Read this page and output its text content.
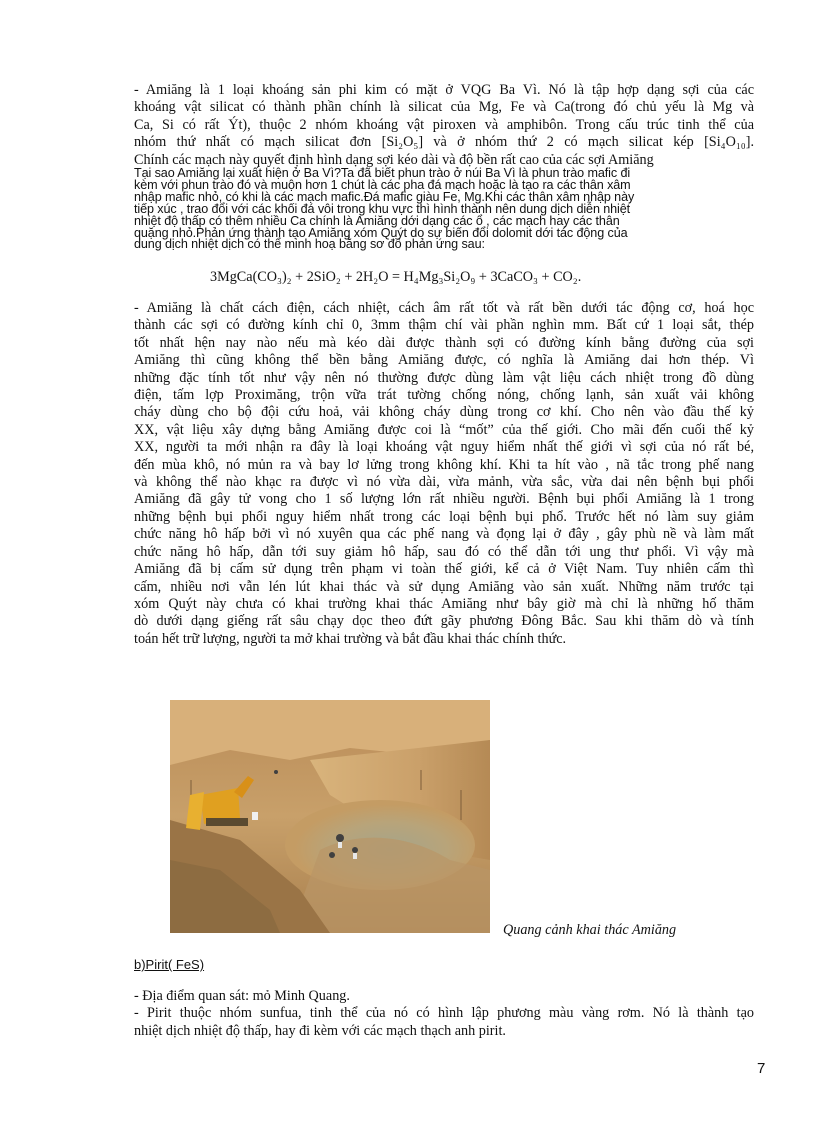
- Amiăng là 1 loại khoáng sản phi kim có mặt ở VQG Ba Vì. Nó là tập hợp dạng sợi của các
khoáng vật silicat có thành phần chính là silicat của Mg, Fe và Ca(trong đó chủ yếu là Mg và
Ca, Si có rất Ýt), thuộc 2 nhóm khoáng vật piroxen và amphibôn. Trong cấu trúc tinh thể của
nhóm thứ nhất có mạch silicat đơn [Si₂O₅] và ở nhóm thứ 2 có mạch silicat kép [Si₄O₁₀].
Chính các mạch này quyết định hình dạng sợi kéo dài và độ bền rất cao của các sợi Amiăng
Tại sao Amiăng lại xuất hiện ở Ba Vì?Ta đã biết phun trào ở núi Ba Vì là phun trào mafic đi
kèm với phun trào đó và muộn hơn 1 chút là các pha đá mạch hoặc là tạo ra các thân xâm
nhập mafic nhỏ, có khi là các mạch mafic.Đá mafic giàu Fe, Mg.Khi các thân xâm nhập này
tiếp xúc , trao đổi với các khối đá vôi trong khu vực thì hình thành nên dung dịch diễn nhiệt
nhiệt độ thấp có thêm nhiều Ca chính là Amiăng dới dạng các ổ , các mạch hay các thân
quặng nhỏ.Phản ứng thành tạo Amiăng xóm Quýt do sự biến đổi dolomit dới tác động của
dung dịch nhiệt dịch có thể minh hoạ bằng sơ đồ phản ứng sau:
3MgCa(CO₃)₂ + 2SiO₂ + 2H₂O = H₄Mg₃Si₂O₉ + 3CaCO₃ + CO₂.
- Amiăng là chất cách điện, cách nhiệt, cách âm rất tốt và rất bền dưới tác động cơ, hoá học
thành các sợi có đường kính chỉ 0, 3mm thậm chí vài phần nghìn mm. Bất cứ 1 loại sắt, thép
tốt nhất hện nay nào nếu mà kéo dài được thành sợi có đường kính bằng đường của sợi
Amiăng thì cũng không thể bền bằng Amiăng được, có nghĩa là Amiăng dai hơn thép. Vì
những đặc tính tốt như vậy nên nó thường được dùng làm vật liệu cách nhiệt trong đồ dùng
điện, tấm lợp Proximăng, trộn vữa trát tường chống nóng, chống lạnh, sản xuất vải không
cháy dùng cho bộ đội cứu hoả, vải không cháy dùng trong cơ khí. Cho nên vào đầu thế kỷ
XX, vật liệu xây dựng bằng Amiăng được coi là “mốt” của thế giới. Cho mãi đến cuối thế kỷ
XX, người ta mới nhận ra đây là loại khoáng vật nguy hiểm nhất thế giới vì sợi của nó rất bé,
đến mùa khô, nó mủn ra và bay lơ lửng trong không khí. Khi ta hít vào , nã tắc trong phế nang
và không thể nào khạc ra được vì nó vừa dài, vừa mảnh, vừa sắc, vừa dai nên bệnh bụi phổi
Amiăng đã gây tử vong cho 1 số lượng lớn rất nhiều người. Bệnh bụi phổi Amiăng là 1 trong
những bệnh bụi phổi nguy hiểm nhất trong các loại bệnh bụi phổ. Trước hết nó làm suy giảm
chức năng hô hấp bởi vì nó xuyên qua các phế nang và đọng lại ở đây , gây phù nề và làm mất
chức năng hô hấp, dẫn tới suy giảm hô hấp, sau đó có thể dẫn tới ung thư phổi. Vì vậy mà
Amiăng đã bị cấm sử dụng trên phạm vi toàn thế giới, kể cả ở Việt Nam. Tuy nhiên cấm thì
cấm, nhiều nơi vẫn lén lút khai thác và sử dụng Amiăng vào sản xuất. Những năm trước tại
xóm Quýt này chưa có khai trường khai thác Amiăng như bây giờ mà chỉ là những hố thăm
dò dưới dạng giếng rất sâu chạy dọc theo đứt gãy phương Đông Bắc. Sau khi thăm dò và tính
toán hết trữ lượng, người ta mở khai trường và bắt đầu khai thác chính thức.
Quang cảnh khai thác Amiăng
b)Pirit( FeS)
- Địa điểm quan sát: mỏ Minh Quang.
- Pirit thuộc nhóm sunfua, tinh thể của nó có hình lập phương màu vàng rơm. Nó là thành tạo
nhiệt dịch nhiệt độ thấp, hay đi kèm với các mạch thạch anh pirit.
7
